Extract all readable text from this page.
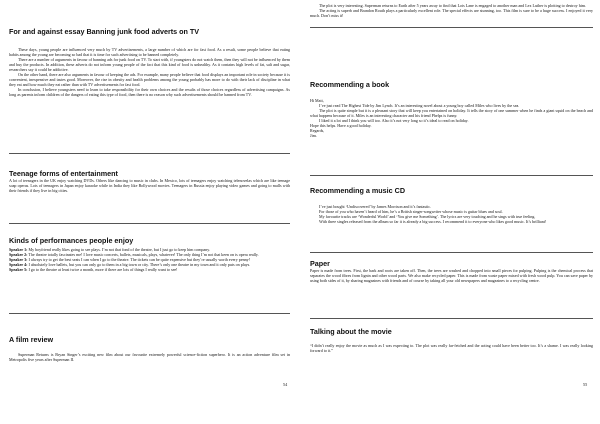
For and against essay Banning junk food adverts on TV

These days, young people are influenced very much by TV advertisements, a large number of which are for fast food. As a result, some people believe that eating habits among the young are becoming so bad that it is time for such advertising to be banned completely.

There are a number of arguments in favour of banning ads for junk food on TV. To start with, if youngsters do not watch them, then they will not be influenced by them and buy the products. In addition, these adverts do not inform young people of the fact that this kind of food is unhealthy. As it contains high levels of fat, salt and sugar, researchers say it could be addictive.

On the other hand, there are also arguments in favour of keeping the ads. For example, many people believe that food displays an important role in society because it is convenient, inexpensive and tastes good. Moreover, the rise in obesity and health problems among the young probably has more to do with their lack of discipline in what they eat and how much they eat rather than with TV advertisements for fast food.

In conclusion, I believe youngsters need to learn to take responsibility for their own choices and the results of those choices regardless of advertising campaigns. As long as parents inform children of the dangers of eating this type of food, then there is no reason why such advertisements should be banned from TV.

Teenage forms of entertainment

A lot of teenagers in the UK enjoy watching DVDs. Others like dancing to music in clubs. In Mexico, lots of teenagers enjoy watching telenovelas which are like teenage soap operas. Lots of teenagers in Japan enjoy karaoke while in India they like Bollywood movies. Teenagers in Russia enjoy playing video games and going to malls with their friends if they live in big cities.

Kinds of performances people enjoy

Speaker 1: My boyfriend really likes going to see plays. I’m not that fond of the theatre, but I just go to keep him company.

Speaker 2: The theatre totally fascinates me! I love music concerts, ballets, musicals, plays, whatever! The only thing I’m not that keen on is opera really.

Speaker 3: I always try to get the best seats I can when I go to the theatre. The tickets can be quite expensive but they’re usually worth every penny!

Speaker 4: I absolutely love ballets, but you can only go to them in a big town or city. There’s only one theatre in my town and it only puts on plays.

Speaker 5: I go to the theatre at least twice a month, more if there are lots of things I really want to see!

A film review

Superman Returns is Bryan Singer’s exciting new film about our favourite extremely powerful science-fiction superhero. It is an action adventure film set in Metropolis five years after Superman II.

54

The plot is very interesting. Superman returns to Earth after 5 years away to find that Lois Lane is engaged to another man and Lex Luther is plotting to destroy him.

The acting is superb and Brandon Routh plays a particularly excellent role. The special effects are stunning, too. This film is sure to be a huge success. I enjoyed it very much. Don’t miss it!

Recommending a book

Hi Matt,

I’ve just read The Highest Tide by Jim Lynch. It’s an interesting novel about a young boy called Miles who lives by the sea.

The plot is quite simple but it is a pleasant story that will keep you entertained on holiday. It tells the story of one summer when he finds a giant squid on the beach and what happens because of it. Miles is an interesting character and his friend Phelps is funny.

I liked it a lot and I think you will too. Also it’s not very long so it’s ideal to read on holiday.

Hope this helps. Have a good holiday.

Regards,

Jim.

Recommending a music CD

I’ve just bought ‘Undiscovered’ by James Morrison and it’s fantastic.

For those of you who haven’t heard of him, he’s a British singer-songwriter whose music is guitar blues and soul.

My favourite tracks are ‘Wonderful World’ and ‘You give me Something’. The lyrics are very touching and he sings with true feeling.

With three singles released from the album so far it is already a big success. I recommend it to everyone who likes good music. It’s brilliant!

Paper

Paper is made from trees. First, the bark and roots are taken off. Then, the trees are washed and chopped into small pieces for pulping. Pulping is the chemical process that separates the wood fibres from lignin and other wood parts. We also make recycled paper. This is made from waste paper mixed with fresh wood pulp. You can save paper by using both sides of it, by sharing magazines with friends and of course by taking all your old newspapers and magazines to a recycling centre.

Talking about the movie

“I didn’t really enjoy the movie as much as I was expecting to. The plot was really far-fetched and the acting could have been better too. It’s a shame. I was really looking forward to it.”

55
